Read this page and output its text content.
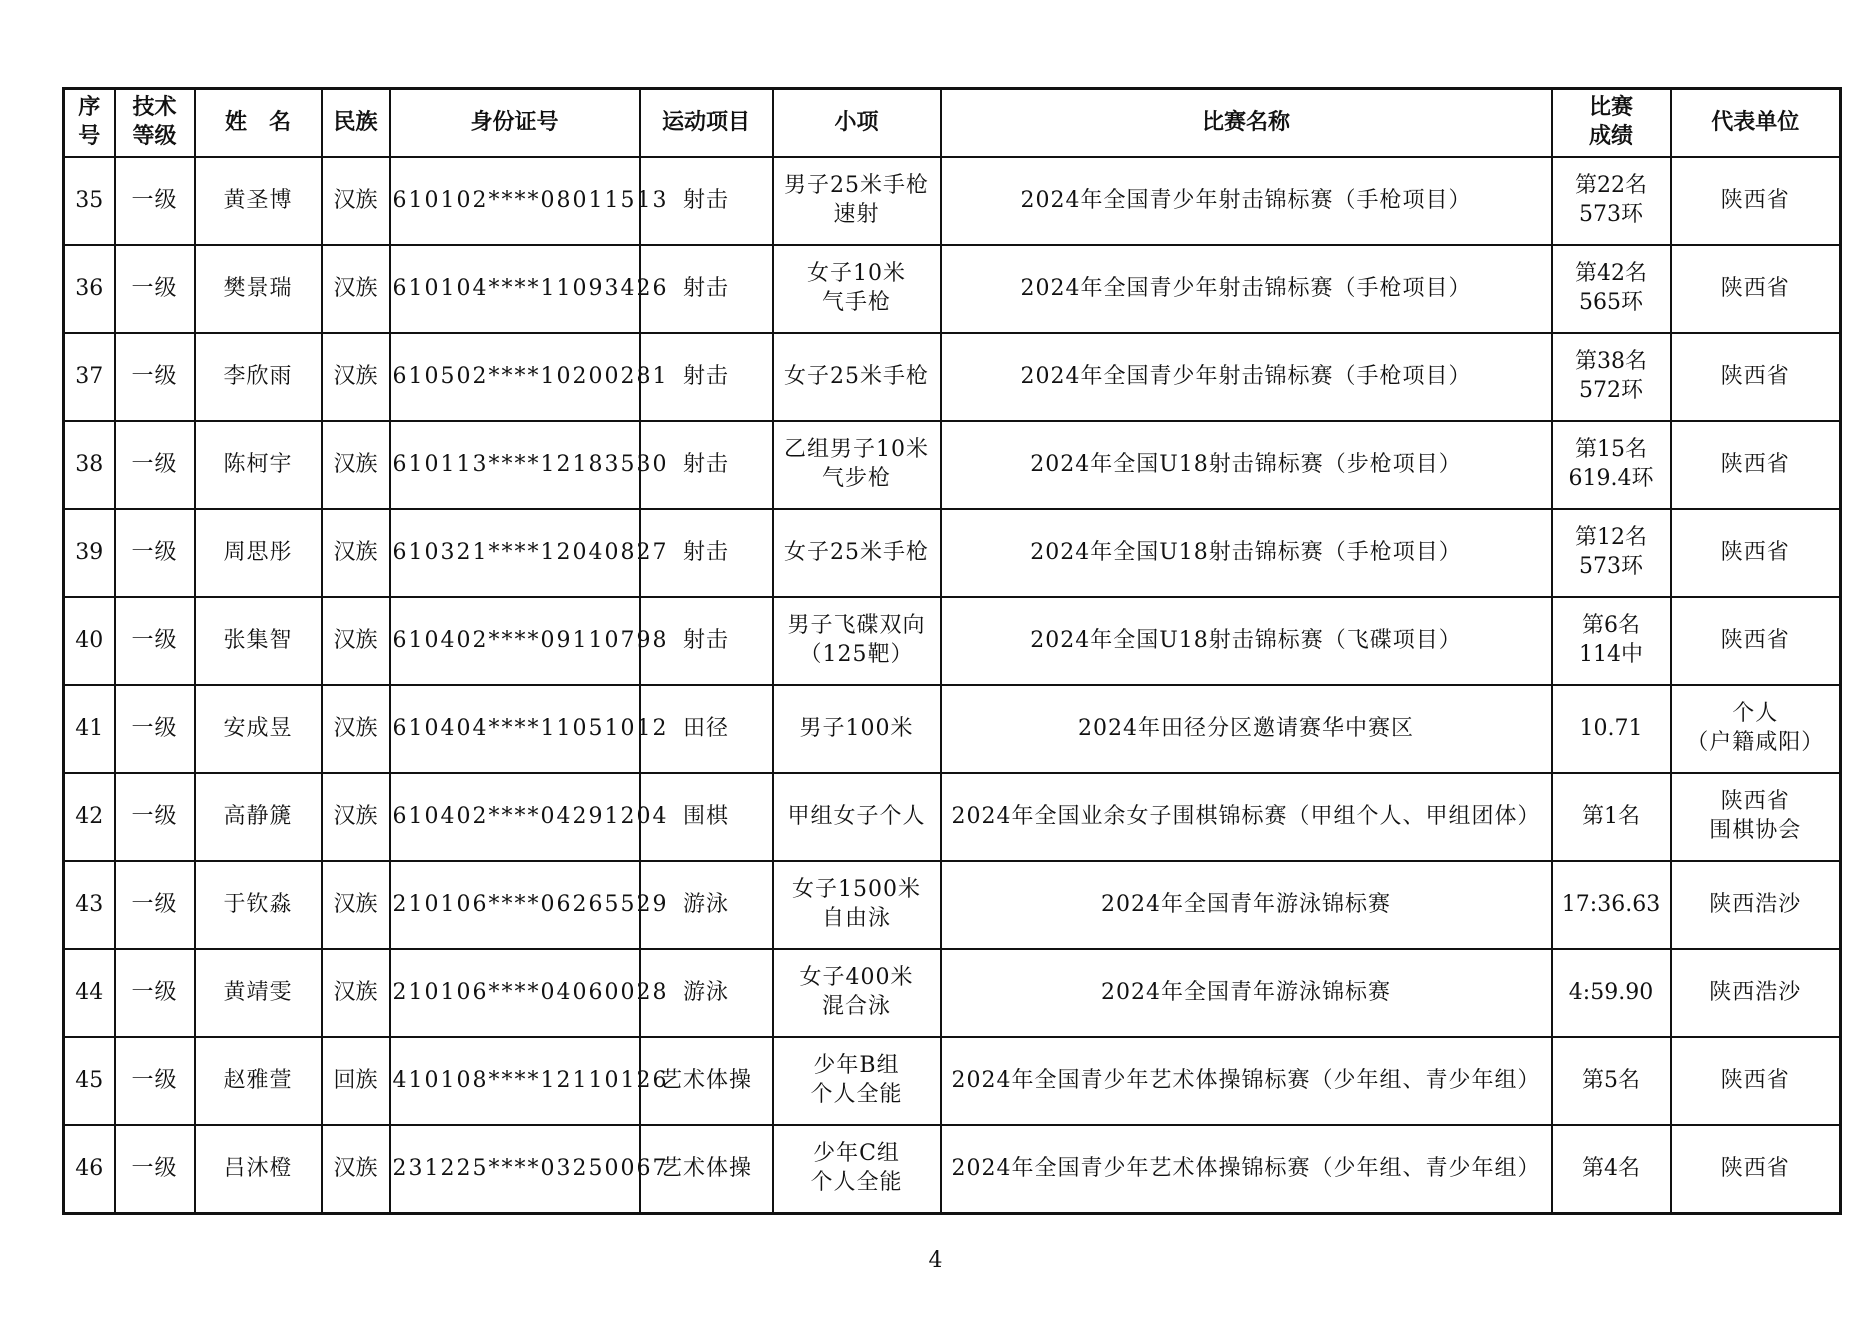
序
号	技术
等级	姓　名	民族	身份证号	运动项目	小项	比赛名称	比赛
成绩	代表单位
35	一级	黄圣博	汉族	610102****08011513	射击	男子25米手枪
速射	2024年全国青少年射击锦标赛（手枪项目）	第22名
573环	陕西省

36	一级	樊景瑞	汉族	610104****11093426	射击	女子10米
气手枪	2024年全国青少年射击锦标赛（手枪项目）	第42名
565环	陕西省

37	一级	李欣雨	汉族	610502****10200281	射击	女子25米手枪	2024年全国青少年射击锦标赛（手枪项目）	第38名
572环	陕西省

38	一级	陈柯宇	汉族	610113****12183530	射击	乙组男子10米
气步枪	2024年全国U18射击锦标赛（步枪项目）	第15名
619.4环	陕西省

39	一级	周思彤	汉族	610321****12040827	射击	女子25米手枪	2024年全国U18射击锦标赛（手枪项目）	第12名
573环	陕西省

40	一级	张集智	汉族	610402****09110798	射击	男子飞碟双向
（125靶）	2024年全国U18射击锦标赛（飞碟项目）	第6名
114中	陕西省

41	一级	安成昱	汉族	610404****11051012	田径	男子100米	2024年田径分区邀请赛华中赛区	10.71	个人
（户籍咸阳）

42	一级	高静篪	汉族	610402****04291204	围棋	甲组女子个人	2024年全国业余女子围棋锦标赛（甲组个人、甲组团体）	第1名	陕西省
围棋协会

43	一级	于钦淼	汉族	210106****06265529	游泳	女子1500米
自由泳	2024年全国青年游泳锦标赛	17:36.63	陕西浩沙

44	一级	黄靖雯	汉族	210106****04060028	游泳	女子400米
混合泳	2024年全国青年游泳锦标赛	4:59.90	陕西浩沙

45	一级	赵雅萱	回族	410108****12110126	艺术体操	少年B组
个人全能	2024年全国青少年艺术体操锦标赛（少年组、青少年组）	第5名	陕西省

46	一级	吕沐橙	汉族	231225****03250067	艺术体操	少年C组
个人全能	2024年全国青少年艺术体操锦标赛（少年组、青少年组）	第4名	陕西省
4
